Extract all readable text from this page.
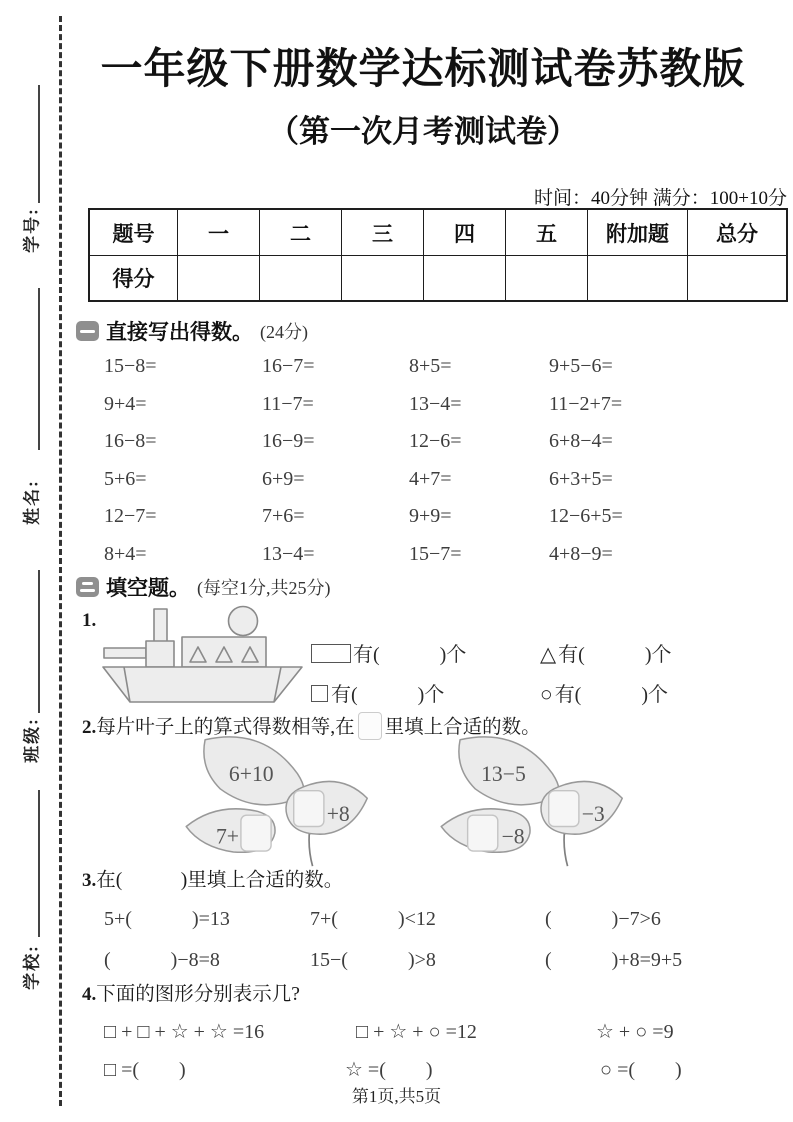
学号:
姓名:
班级:
学校:
一年级下册数学达标测试卷苏教版
（第一次月考测试卷）
时间：40分钟 满分：100+10分
题号	一	二	三	四	五	附加题	总分
得分
直接写出得数。 (24分)
15−8=	16−7=	8+5=	9+5−6=
9+4=	11−7=	13−4=	11−2+7=
16−8=	16−9=	12−6=	6+8−4=
5+6=	6+9=	4+7=	6+3+5=
12−7=	7+6=	9+9=	12−6+5=
8+4=	13−4=	15−7=	4+8−9=
填空题。 (每空1分,共25分)
1.
有(　　　)个	△ 有(　　　)个
有(　　　)个	○ 有(　　　)个
2.每片叶子上的算式得数相等,在 里填上合适的数。
6+10
+8
7+
13−5
−3
−8
3.在(　　　)里填上合适的数。
5+(　　　)=13	7+(　　　)<12	(　　　)−7>6
(　　　)−8=8	15−(　　　)>8	(　　　)+8=9+5
4.下面的图形分别表示几?
□ + □ + ☆ + ☆ =16	□ + ☆ + ○ =12	☆ + ○ =9
□ =(　　)	☆ =(　　)	○ =(　　)
第1页,共5页
